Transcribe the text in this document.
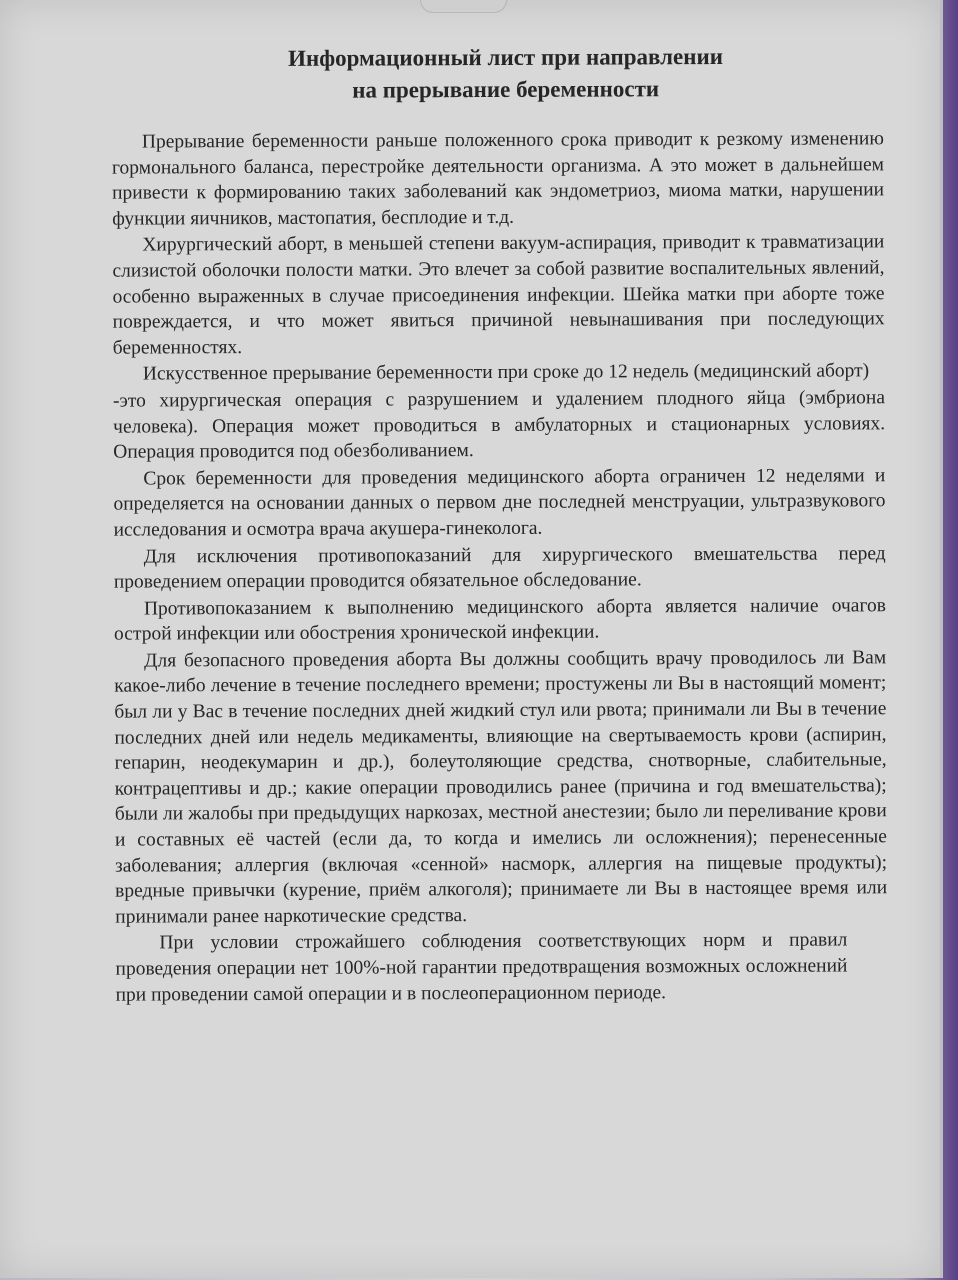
Информационный лист при направлении
на прерывание беременности

Прерывание беременности раньше положенного срока приводит к резкому изменению гормонального баланса, перестройке деятельности организма. А это может в дальнейшем привести к формированию таких заболеваний как эндометриоз, миома матки, нарушении функции яичников, мастопатия, бесплодие и т.д.

Хирургический аборт, в меньшей степени вакуум-аспирация, приводит к травматизации слизистой оболочки полости матки. Это влечет за собой развитие воспалительных явлений, особенно выраженных в случае присоединения инфекции. Шейка матки при аборте тоже повреждается, и что может явиться причиной невынашивания при последующих беременностях.

Искусственное прерывание беременности при сроке до 12 недель (медицинский аборт)

-это хирургическая операция с разрушением и удалением плодного яйца (эмбриона человека). Операция может проводиться в амбулаторных и стационарных условиях. Операция проводится под обезболиванием.

Срок беременности для проведения медицинского аборта ограничен 12 неделями и определяется на основании данных о первом дне последней менструации, ультразвукового исследования и осмотра врача акушера-гинеколога.

Для исключения противопоказаний для хирургического вмешательства перед проведением операции проводится обязательное обследование.

Противопоказанием к выполнению медицинского аборта является наличие очагов острой инфекции или обострения хронической инфекции.

Для безопасного проведения аборта Вы должны сообщить врачу проводилось ли Вам какое-либо лечение в течение последнего времени; простужены ли Вы в настоящий момент; был ли у Вас в течение последних дней жидкий стул или рвота; принимали ли Вы в течение последних дней или недель медикаменты, влияющие на свертываемость крови (аспирин, гепарин, неодекумарин и др.), болеутоляющие средства, снотворные, слабительные, контрацептивы и др.; какие операции проводились ранее (причина и год вмешательства); были ли жалобы при предыдущих наркозах, местной анестезии; было ли переливание крови и составных её частей (если да, то когда и имелись ли осложнения); перенесенные заболевания; аллергия (включая «сенной» насморк, аллергия на пищевые продукты); вредные привычки (курение, приём алкоголя); принимаете ли Вы в настоящее время или принимали ранее наркотические средства.

При условии строжайшего соблюдения соответствующих норм и правил проведения операции нет 100%-ной гарантии предотвращения возможных осложнений при проведении самой операции и в послеоперационном периоде.
